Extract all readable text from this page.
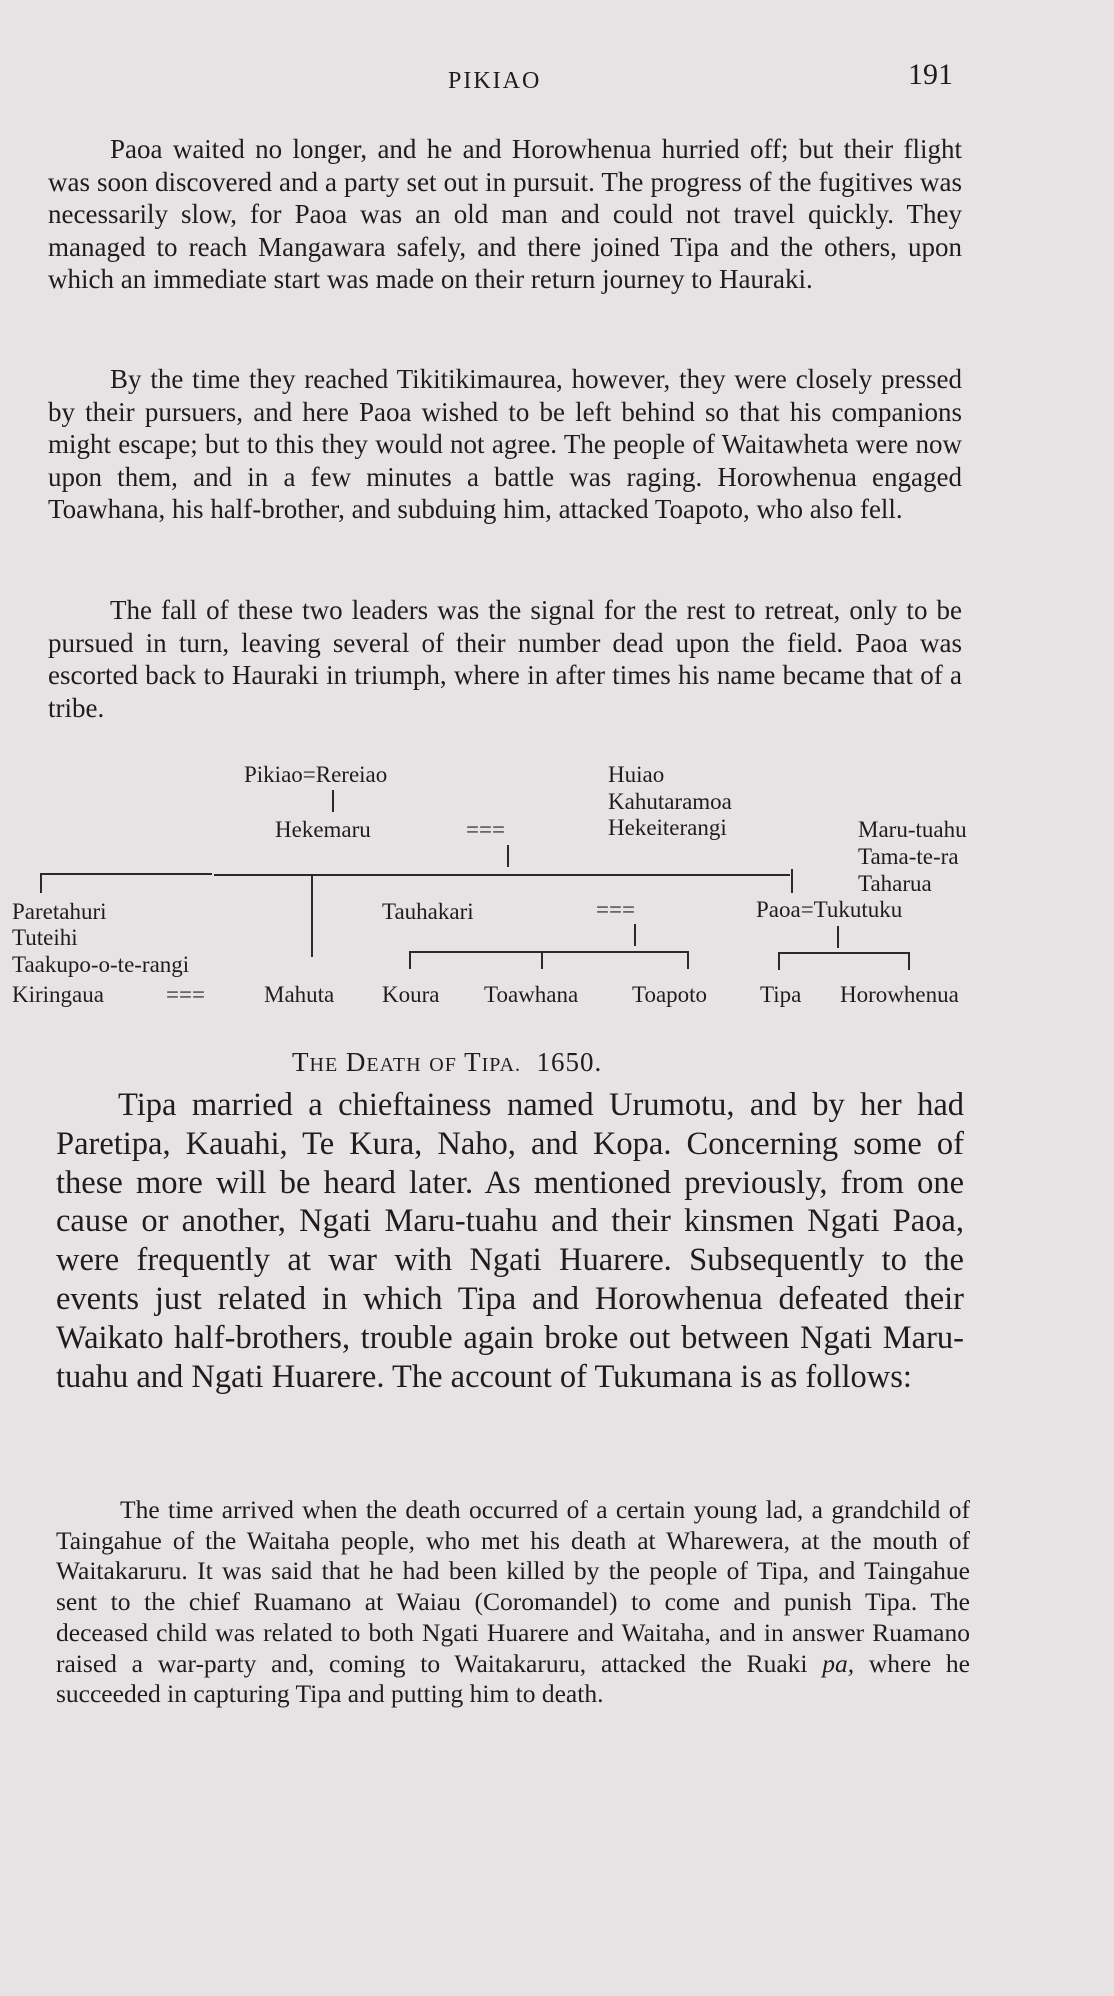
PIKIAO	191

Paoa waited no longer, and he and Horowhenua hurried off; but their flight was soon discovered and a party set out in pursuit. The progress of the fugitives was necessarily slow, for Paoa was an old man and could not travel quickly. They managed to reach Mangawara safely, and there joined Tipa and the others, upon which an immediate start was made on their return journey to Hauraki.

By the time they reached Tikitikimaurea, however, they were closely pressed by their pursuers, and here Paoa wished to be left behind so that his companions might escape; but to this they would not agree. The people of Waitawheta were now upon them, and in a few minutes a battle was raging. Horowhenua engaged Toawhana, his half-brother, and subduing him, attacked Toapoto, who also fell.

The fall of these two leaders was the signal for the rest to retreat, only to be pursued in turn, leaving several of their number dead upon the field. Paoa was escorted back to Hauraki in triumph, where in after times his name became that of a tribe.

Pikiao=Rereiao
Hekemaru	===
Huiao
Kahutaramoa
Hekeiterangi	Maru-tuahu
Tama-te-ra
Taharua
Paretahuri
Tuteihi
Taakupo-o-te-rangi
Tauhakari	===	Paoa=Tukutuku
Kiringaua	===	Mahuta Koura Toawhana Toapoto Tipa Horowhenua
THE DEATH OF TIPA. 1650.

Tipa married a chieftainess named Urumotu, and by her had Paretipa, Kauahi, Te Kura, Naho, and Kopa. Concerning some of these more will be heard later. As mentioned previously, from one cause or another, Ngati Maru-tuahu and their kinsmen Ngati Paoa, were frequently at war with Ngati Huarere. Subsequently to the events just related in which Tipa and Horowhenua defeated their Waikato half-brothers, trouble again broke out between Ngati Maru-tuahu and Ngati Huarere. The account of Tukumana is as follows:

The time arrived when the death occurred of a certain young lad, a grandchild of Taingahue of the Waitaha people, who met his death at Wharewera, at the mouth of Waitakaruru. It was said that he had been killed by the people of Tipa, and Taingahue sent to the chief Ruamano at Waiau (Coromandel) to come and punish Tipa. The deceased child was related to both Ngati Huarere and Waitaha, and in answer Ruamano raised a war-party and, coming to Waitakaruru, attacked the Ruaki pa, where he succeeded in capturing Tipa and putting him to death.
